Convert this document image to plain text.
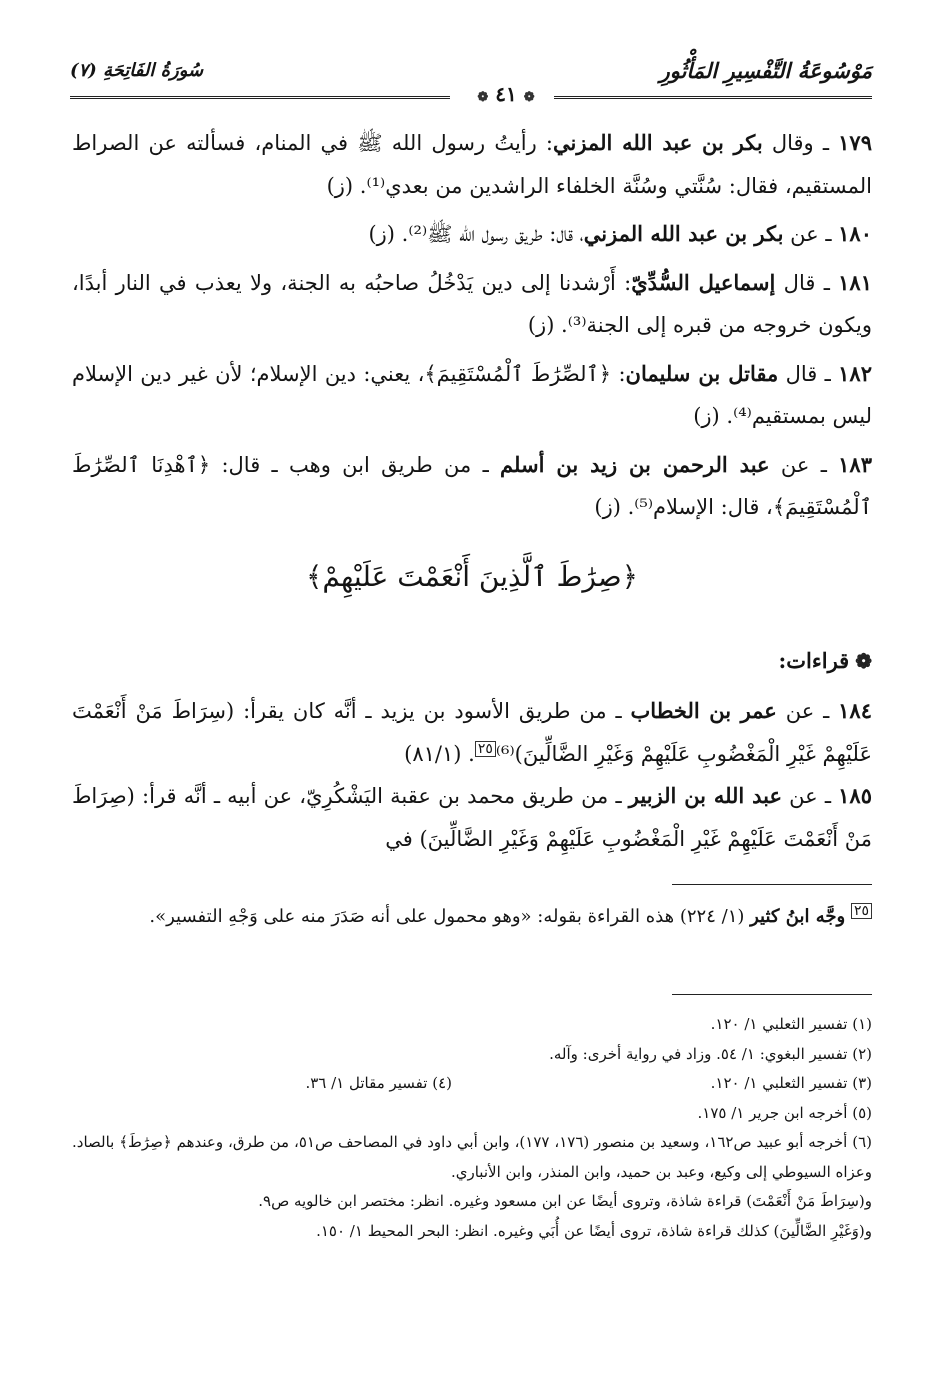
مَوْسُوعَةُ التَّفْسِيرِ المَأْثُورِ
❁ ٤١ ❁
سُورَةُ الفَاتِحَةِ (٧)

١٧٩ ـ وقال بكر بن عبد الله المزني: رأيتُ رسول الله ﷺ في المنام، فسألته عن الصراط المستقيم، فقال: سُنَّتي وسُنَّة الخلفاء الراشدين من بعدي⁽¹⁾. (ز)

١٨٠ ـ عن بكر بن عبد الله المزني، قال: طريق رسول الله ﷺ⁽²⁾. (ز)

١٨١ ـ قال إسماعيل السُّدِّيّ: أَرْشدنا إلى دين يَدْخُلُ صاحبُه به الجنة، ولا يعذب في النار أبدًا، ويكون خروجه من قبره إلى الجنة⁽³⁾. (ز)

١٨٢ ـ قال مقاتل بن سليمان: ﴿ٱلصِّرَٰطَ ٱلْمُسْتَقِيمَ﴾، يعني: دين الإسلام؛ لأن غير دين الإسلام ليس بمستقيم⁽⁴⁾. (ز)

١٨٣ ـ عن عبد الرحمن بن زيد بن أسلم ـ من طريق ابن وهب ـ قال: ﴿ٱهْدِنَا ٱلصِّرَٰطَ ٱلْمُسْتَقِيمَ﴾، قال: الإسلام⁽⁵⁾. (ز)

﴿صِرَٰطَ ٱلَّذِينَ أَنْعَمْتَ عَلَيْهِمْ﴾
❁قراءات:

١٨٤ ـ عن عمر بن الخطاب ـ من طريق الأسود بن يزيد ـ أنَّه كان يقرأ: (سِرَاطَ مَنْ أَنْعَمْتَ عَلَيْهِمْ غَيْرِ الْمَغْضُوبِ عَلَيْهِمْ وَغَيْرِ الضَّالِّينَ)⁽⁶⁾٢٥. (٨١/١)

١٨٥ ـ عن عبد الله بن الزبير ـ من طريق محمد بن عقبة اليَشْكُرِيّ، عن أبيه ـ أنَّه قرأ: (صِرَاطَ مَنْ أَنْعَمْتَ عَلَيْهِمْ غَيْرِ الْمَغْضُوبِ عَلَيْهِمْ وَغَيْرِ الضَّالِّينَ) في

٢٥ وجَّه ابنُ كثير (١/ ٢٢٤) هذه القراءة بقوله: «وهو محمول على أنه صَدَرَ منه على وَجْهِ التفسير».

(١) تفسير الثعلبي ١/ ١٢٠.

(٢) تفسير البغوي: ١/ ٥٤. وزاد في رواية أخرى: وآله.

(٣) تفسير الثعلبي ١/ ١٢٠.
(٤) تفسير مقاتل ١/ ٣٦.

(٥) أخرجه ابن جرير ١/ ١٧٥.

(٦) أخرجه أبو عبيد ص١٦٢، وسعيد بن منصور (١٧٦، ١٧٧)، وابن أبي داود في المصاحف ص٥١، من طرق، وعندهم ﴿صِرَٰطَ﴾ بالصاد. وعزاه السيوطي إلى وكيع، وعبد بن حميد، وابن المنذر، وابن الأنباري.

و(سِرَاطَ مَنْ أَنْعَمْتَ) قراءة شاذة، وتروى أيضًا عن ابن مسعود وغيره. انظر: مختصر ابن خالويه ص٩.

و(وَغَيْرِ الضَّالِّينَ) كذلك قراءة شاذة، تروى أيضًا عن أُبَي وغيره. انظر: البحر المحيط ١/ ١٥٠.
